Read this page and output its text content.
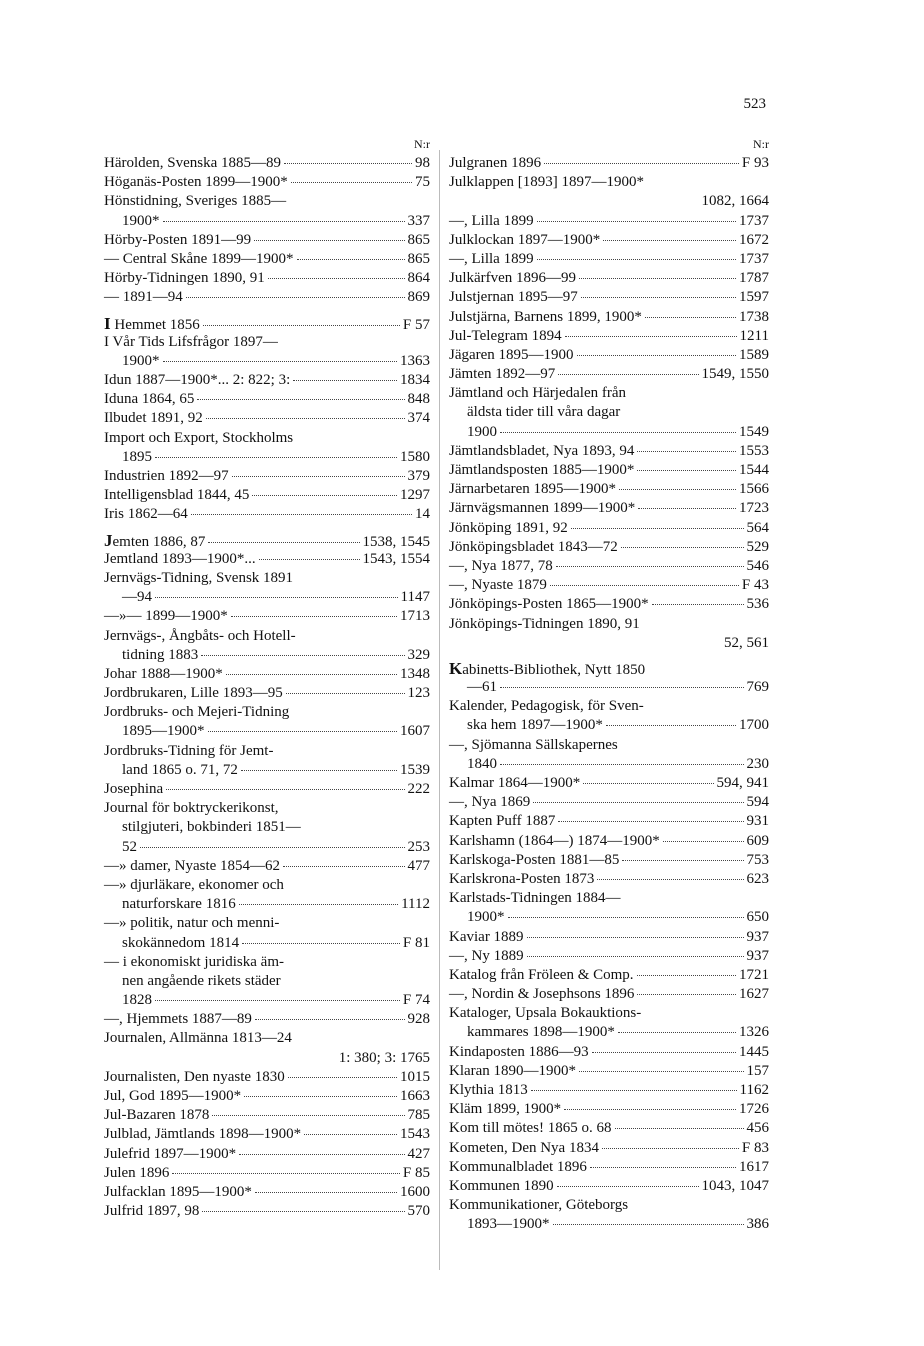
523
N:r
Härolden, Svenska 1885—89	98
Höganäs-Posten 1899—1900*	75
Hönstidning, Sveriges 1885—
1900*	337
Hörby-Posten 1891—99	865
— Central Skåne 1899—1900*	865
Hörby-Tidningen 1890, 91	864
— 1891—94	869
I Hemmet 1856	F 57
I Vår Tids Lifsfrågor 1897—
1900*	1363
Idun 1887—1900*... 2: 822; 3:	1834
Iduna 1864, 65	848
Ilbudet 1891, 92	374
Import och Export, Stockholms
1895	1580
Industrien 1892—97	379
Intelligensblad 1844, 45	1297
Iris 1862—64	14
Jemten 1886, 87	1538, 1545
Jemtland 1893—1900*...	1543, 1554
Jernvägs-Tidning, Svensk 1891
—94	1147
—»— 1899—1900*	1713
Jernvägs-, Ångbåts- och Hotell-
tidning 1883	329
Johar 1888—1900*	1348
Jordbrukaren, Lille 1893—95	123
Jordbruks- och Mejeri-Tidning
1895—1900*	1607
Jordbruks-Tidning för Jemt-
land 1865 o. 71, 72	1539
Josephina	222
Journal för boktryckerikonst,
stilgjuteri, bokbinderi 1851—
52	253
—» damer, Nyaste 1854—62	477
—» djurläkare, ekonomer och
naturforskare 1816	1112
—» politik, natur och menni-
skokännedom 1814	F 81
— i ekonomiskt juridiska äm-
nen angående rikets städer
1828	F 74
—, Hjemmets 1887—89	928
Journalen, Allmänna 1813—24
1: 380; 3: 1765
Journalisten, Den nyaste 1830	1015
Jul, God 1895—1900*	1663
Jul-Bazaren 1878	785
Julblad, Jämtlands 1898—1900*	1543
Julefrid 1897—1900*	427
Julen 1896	F 85
Julfacklan 1895—1900*	1600
Julfrid 1897, 98	570
N:r
Julgranen 1896	F 93
Julklappen [1893] 1897—1900*
1082, 1664
—, Lilla 1899	1737
Julklockan 1897—1900*	1672
—, Lilla 1899	1737
Julkärfven 1896—99	1787
Julstjernan 1895—97	1597
Julstjärna, Barnens 1899, 1900*	1738
Jul-Telegram 1894	1211
Jägaren 1895—1900	1589
Jämten 1892—97	1549, 1550
Jämtland och Härjedalen från
äldsta tider till våra dagar
1900	1549
Jämtlandsbladet, Nya 1893, 94	1553
Jämtlandsposten 1885—1900*	1544
Järnarbetaren 1895—1900*	1566
Järnvägsmannen 1899—1900*	1723
Jönköping 1891, 92	564
Jönköpingsbladet 1843—72	529
—, Nya 1877, 78	546
—, Nyaste 1879	F 43
Jönköpings-Posten 1865—1900*	536
Jönköpings-Tidningen 1890, 91
52, 561
Kabinetts-Bibliothek, Nytt 1850
—61	769
Kalender, Pedagogisk, för Sven-
ska hem 1897—1900*	1700
—, Sjömanna Sällskapernes
1840	230
Kalmar 1864—1900*	594, 941
—, Nya 1869	594
Kapten Puff 1887	931
Karlshamn (1864—) 1874—1900*	609
Karlskoga-Posten 1881—85	753
Karlskrona-Posten 1873	623
Karlstads-Tidningen 1884—
1900*	650
Kaviar 1889	937
—, Ny 1889	937
Katalog från Fröleen & Comp.	1721
—, Nordin & Josephsons 1896	1627
Kataloger, Upsala Bokauktions-
kammares 1898—1900*	1326
Kindaposten 1886—93	1445
Klaran 1890—1900*	157
Klythia 1813	1162
Kläm 1899, 1900*	1726
Kom till mötes! 1865 o. 68	456
Kometen, Den Nya 1834	F 83
Kommunalbladet 1896	1617
Kommunen 1890	1043, 1047
Kommunikationer, Göteborgs
1893—1900*	386
